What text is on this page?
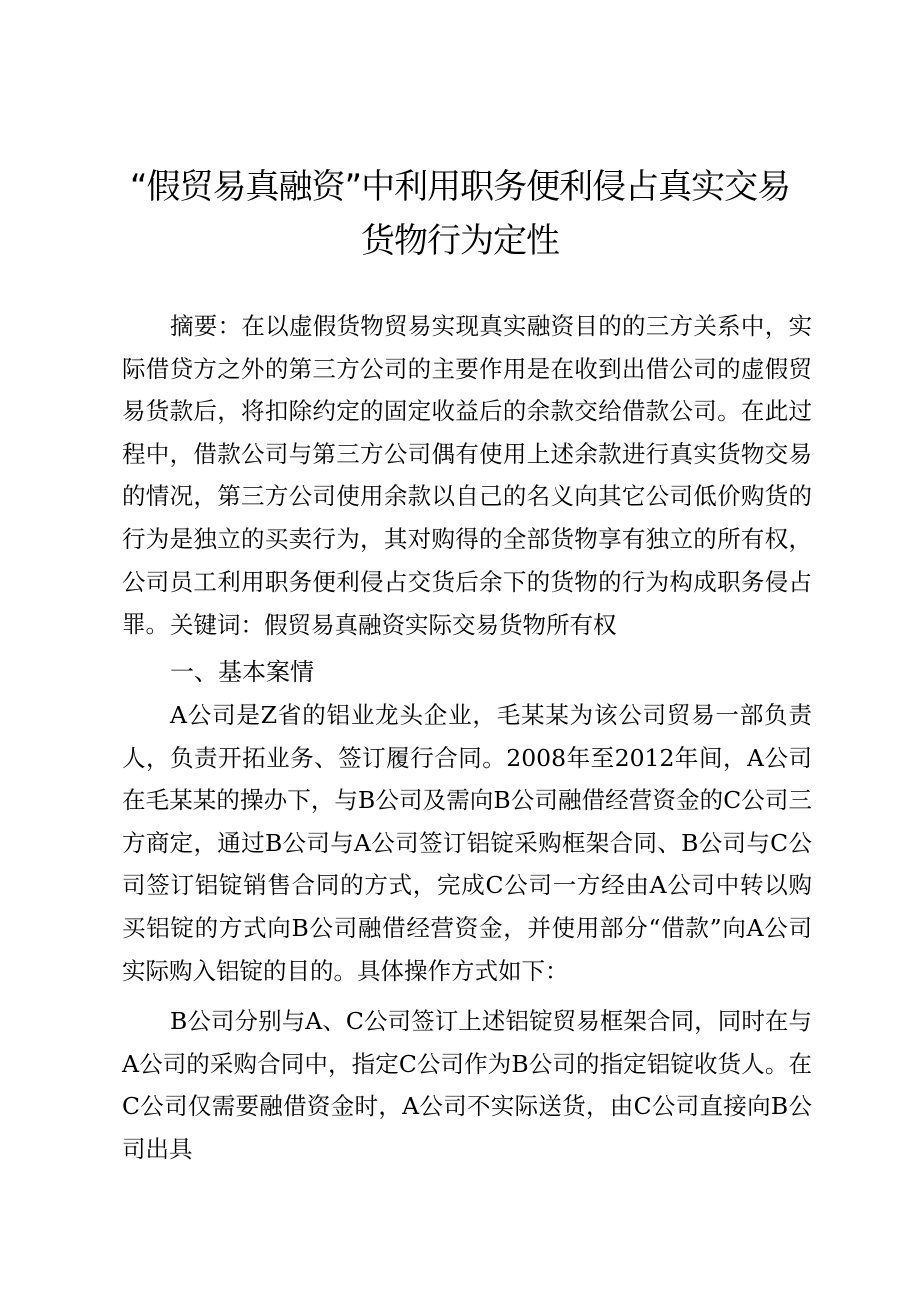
“假贸易真融资”中利用职务便利侵占真实交易
货物行为定性

摘要：在以虚假货物贸易实现真实融资目的的三方关系中，实际借贷方之外的第三方公司的主要作用是在收到出借公司的虚假贸易货款后，将扣除约定的固定收益后的余款交给借款公司。在此过程中，借款公司与第三方公司偶有使用上述余款进行真实货物交易的情况，第三方公司使用余款以自己的名义向其它公司低价购货的行为是独立的买卖行为，其对购得的全部货物享有独立的所有权，公司员工利用职务便利侵占交货后余下的货物的行为构成职务侵占罪。 关键词：假贸易真融资实际交易货物所有权

一、基本案情

A公司是Z省的铝业龙头企业，毛某某为该公司贸易一部负责人，负责开拓业务、签订履行合同。2008年至2012年间，A公司在毛某某的操办下，与B公司及需向B公司融借经营资金的C公司三方商定，通过B公司与A公司签订铝锭采购框架合同、B公司与C公司签订铝锭销售合同的方式，完成C公司一方经由A公司中转以购买铝锭的方式向B公司融借经营资金，并使用部分“借款”向A公司实际购入铝锭的目的。具体操作方式如下：

B公司分别与A、C公司签订上述铝锭贸易框架合同，同时在与A公司的采购合同中，指定C公司作为B公司的指定铝锭收货人。在C公司仅需要融借资金时，A公司不实际送货，由C公司直接向B公司出具
